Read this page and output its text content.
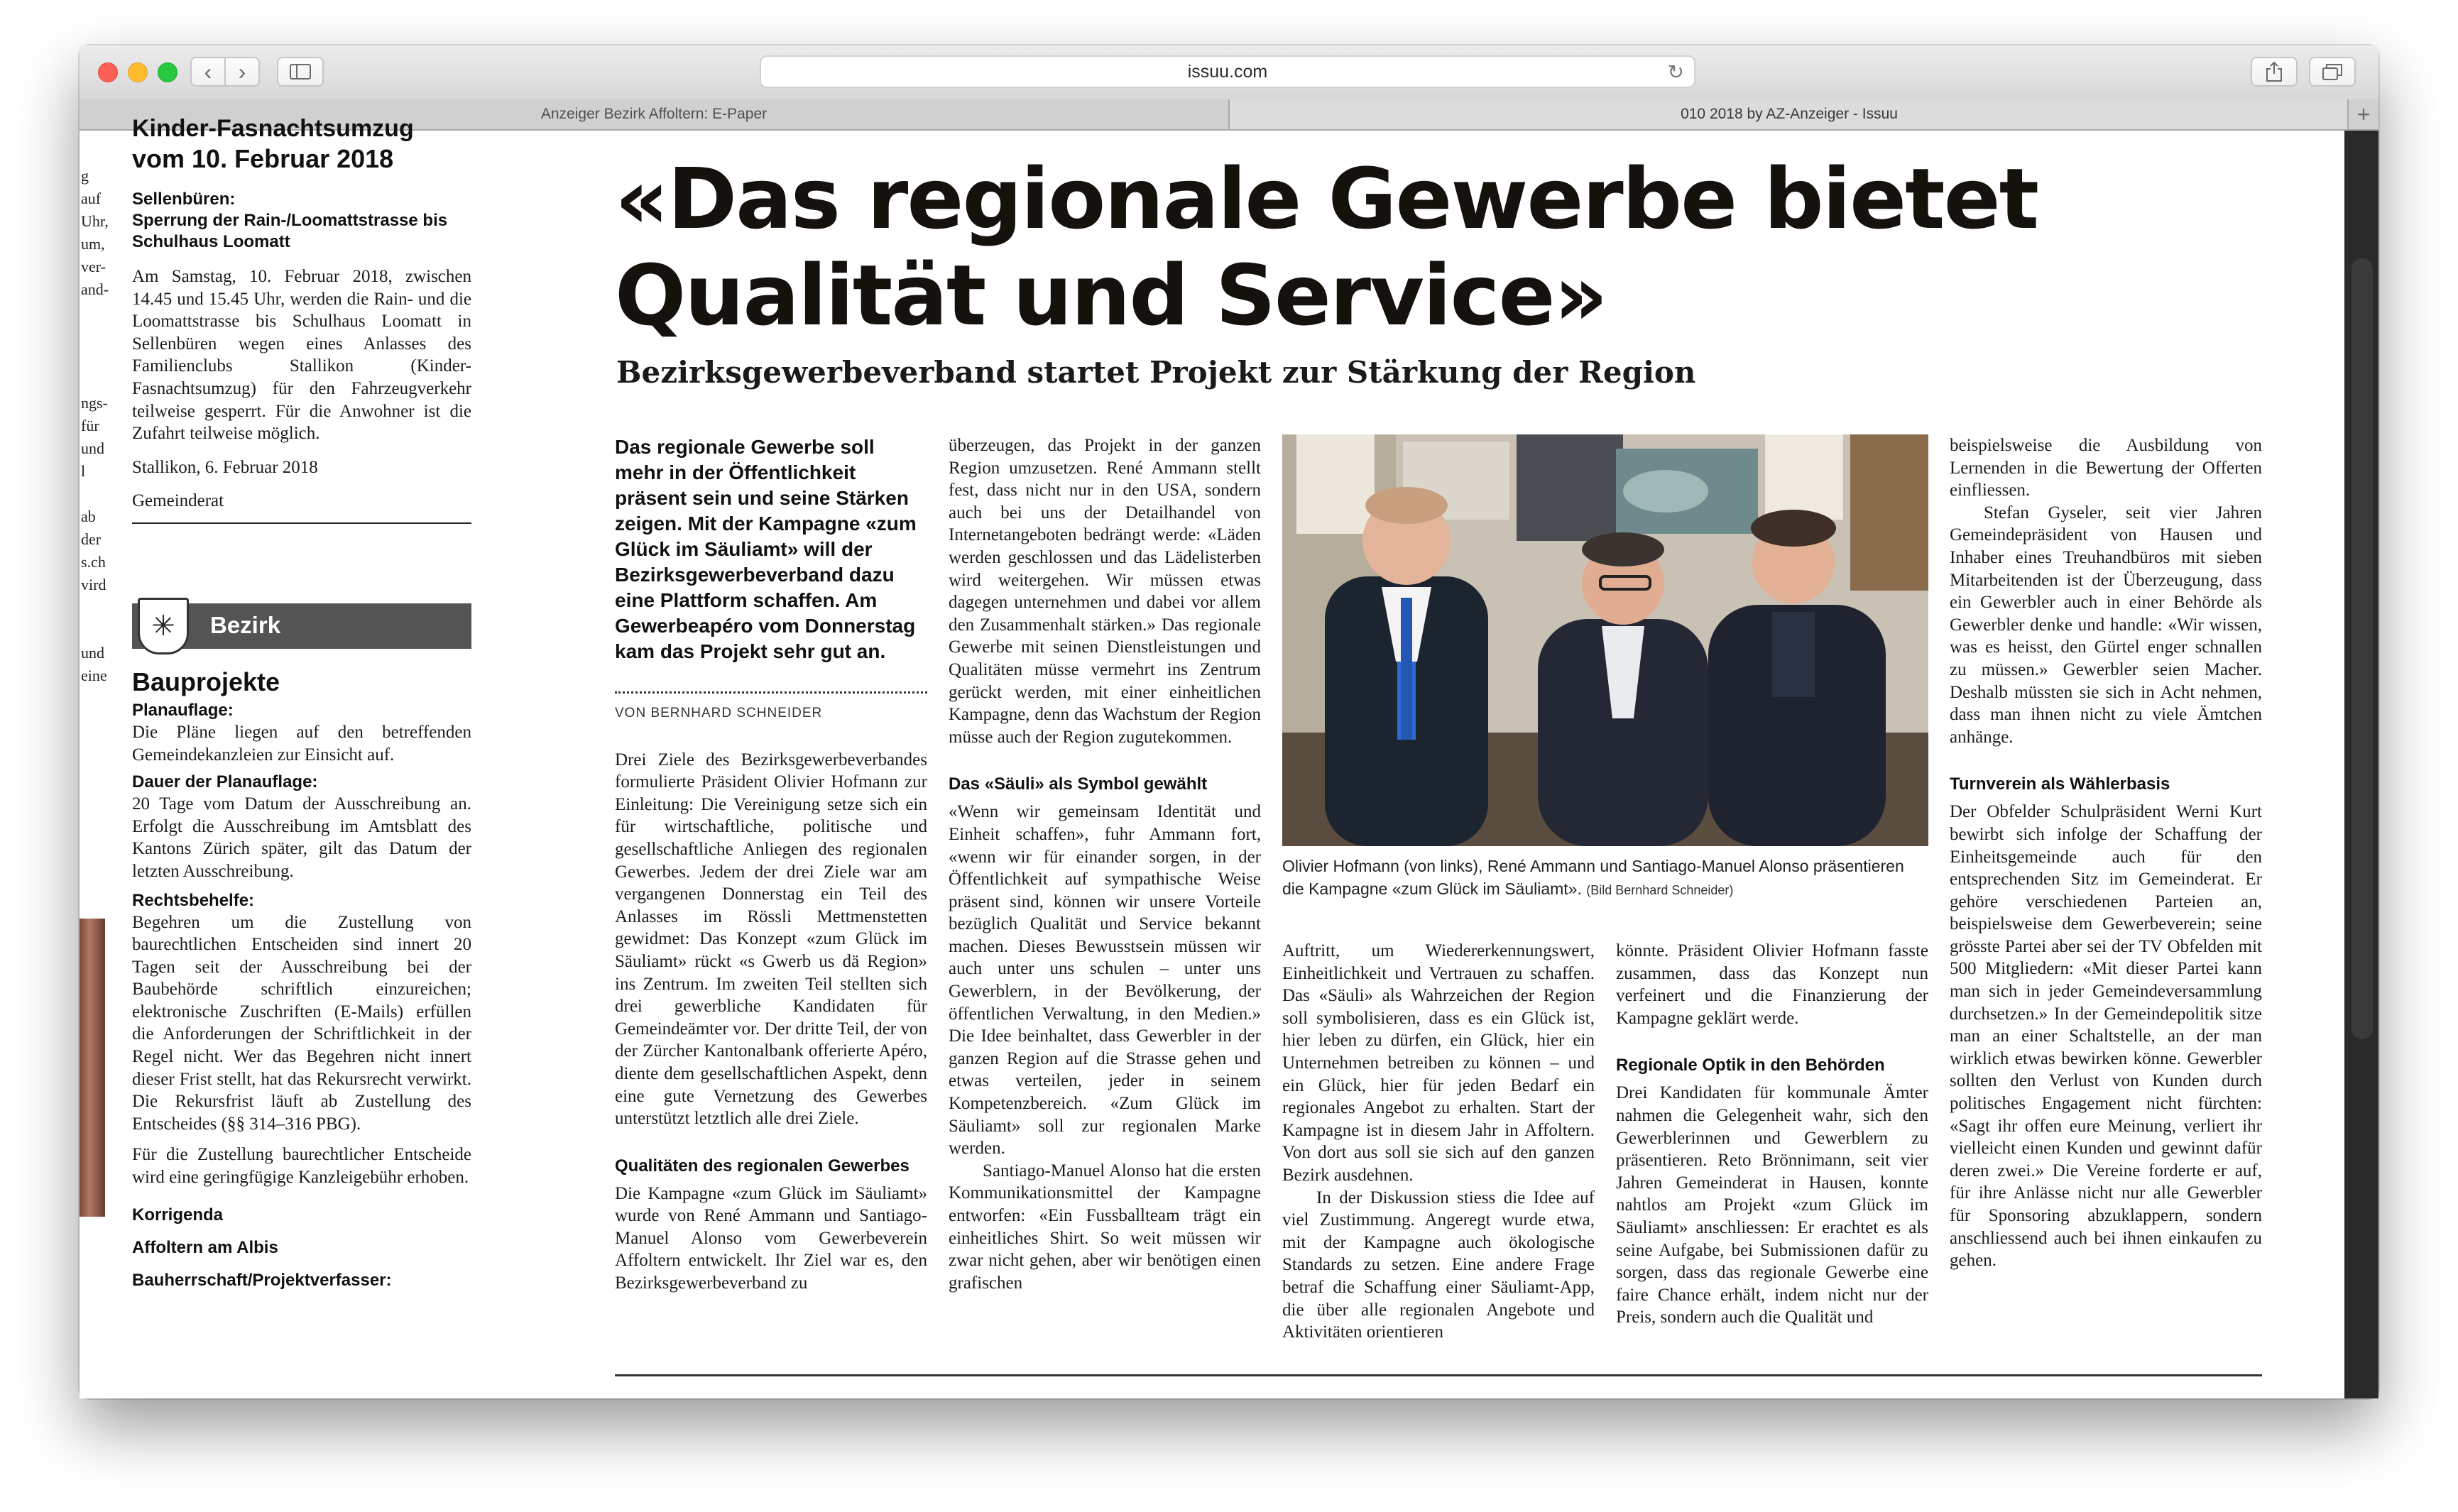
‹ ›	issuu.com	↻
Anzeiger Bezirk Affoltern: E-Paper	010 2018 by AZ-Anzeiger - Issuu	+
g
auf
Uhr,
um,
ver-
and-
ngs-
für
und
l
ab
der
s.ch
vird
und
eine
Kinder-Fasnachtsumzug
vom 10. Februar 2018
Sellenbüren:
Sperrung der Rain-/Loomattstrasse bis Schulhaus Loomatt

Am Samstag, 10. Februar 2018, zwischen 14.45 und 15.45 Uhr, werden die Rain- und die Loomattstrasse bis Schulhaus Loomatt in Sellenbüren wegen eines Anlasses des Familienclubs Stallikon (Kinder-Fasnachtsumzug) für den Fahrzeugverkehr teilweise gesperrt. Für die Anwohner ist die Zufahrt teilweise möglich.

Stallikon, 6. Februar 2018

Gemeinderat

✳	Bezirk
Bauprojekte
Planauflage:

Die Pläne liegen auf den betreffenden Gemeindekanzleien zur Einsicht auf.

Dauer der Planauflage:

20 Tage vom Datum der Ausschreibung an. Erfolgt die Ausschreibung im Amtsblatt des Kantons Zürich später, gilt das Datum der letzten Ausschreibung.

Rechtsbehelfe:

Begehren um die Zustellung von baurechtlichen Entscheiden sind innert 20 Tagen seit der Ausschreibung bei der Baubehörde schriftlich einzureichen; elektronische Zuschriften (E-Mails) erfüllen die Anforderungen der Schriftlichkeit in der Regel nicht. Wer das Begehren nicht innert dieser Frist stellt, hat das Rekursrecht verwirkt. Die Rekursfrist läuft ab Zustellung des Entscheides (§§ 314–316 PBG).

Für die Zustellung baurechtlicher Entscheide wird eine geringfügige Kanzleigebühr erhoben.

Korrigenda
Affoltern am Albis
Bauherrschaft/Projektverfasser:
«Das regionale Gewerbe bietet Qualität und Service»
Bezirksgewerbeverband startet Projekt zur Stärkung der Region

Das regionale Gewerbe soll mehr in der Öffentlichkeit präsent sein und seine Stärken zeigen. Mit der Kampagne «zum Glück im Säuliamt» will der Bezirksgewerbeverband dazu eine Plattform schaffen. Am Gewerbeapéro vom Donnerstag kam das Projekt sehr gut an.

VON BERNHARD SCHNEIDER

Drei Ziele des Bezirksgewerbeverbandes formulierte Präsident Olivier Hofmann zur Einleitung: Die Vereinigung setze sich ein für wirtschaftliche, politische und gesellschaftliche Anliegen des regionalen Gewerbes. Jedem der drei Ziele war am vergangenen Donnerstag ein Teil des Anlasses im Rössli Mettmenstetten gewidmet: Das Konzept «zum Glück im Säuliamt» rückt «s Gwerb us dä Region» ins Zentrum. Im zweiten Teil stellten sich drei gewerbliche Kandidaten für Gemeindeämter vor. Der dritte Teil, der von der Zürcher Kantonalbank offerierte Apéro, diente dem gesellschaftlichen Aspekt, denn eine gute Vernetzung des Gewerbes unterstützt letztlich alle drei Ziele.

Qualitäten des regionalen Gewerbes

Die Kampagne «zum Glück im Säuliamt» wurde von René Ammann und Santiago-Manuel Alonso vom Gewerbeverein Affoltern entwickelt. Ihr Ziel war es, den Bezirksgewerbeverband zu

überzeugen, das Projekt in der ganzen Region umzusetzen. René Ammann stellt fest, dass nicht nur in den USA, sondern auch bei uns der Detailhandel von Internetangeboten bedrängt werde: «Läden werden geschlossen und das Lädelisterben wird weitergehen. Wir müssen etwas dagegen unternehmen und dabei vor allem den Zusammenhalt stärken.» Das regionale Gewerbe mit seinen Dienstleistungen und Qualitäten müsse vermehrt ins Zentrum gerückt werden, mit einer einheitlichen Kampagne, denn das Wachstum der Region müsse auch der Region zugutekommen.

Das «Säuli» als Symbol gewählt

«Wenn wir gemeinsam Identität und Einheit schaffen», fuhr Ammann fort, «wenn wir für einander sorgen, in der Öffentlichkeit auf sympathische Weise präsent sind, können wir unsere Vorteile bezüglich Qualität und Service bekannt machen. Dieses Bewusstsein müssen wir auch unter uns schulen – unter uns Gewerblern, in der Bevölkerung, der öffentlichen Verwaltung, in den Medien.» Die Idee beinhaltet, dass Gewerbler in der ganzen Region auf die Strasse gehen und etwas verteilen, jeder in seinem Kompetenzbereich. «Zum Glück im Säuliamt» soll zur regionalen Marke werden.

Santiago-Manuel Alonso hat die ersten Kommunikationsmittel der Kampagne entworfen: «Ein Fussballteam trägt ein einheitliches Shirt. So weit müssen wir zwar nicht gehen, aber wir benötigen einen grafischen

Olivier Hofmann (von links), René Ammann und Santiago-Manuel Alonso präsentieren die Kampagne «zum Glück im Säuliamt». (Bild Bernhard Schneider)

Auftritt, um Wiedererkennungswert, Einheitlichkeit und Vertrauen zu schaffen. Das «Säuli» als Wahrzeichen der Region soll symbolisieren, dass es ein Glück ist, hier leben zu dürfen, ein Glück, hier ein Unternehmen betreiben zu können – und ein Glück, hier für jeden Bedarf ein regionales Angebot zu erhalten. Start der Kampagne ist in diesem Jahr in Affoltern. Von dort aus soll sie sich auf den ganzen Bezirk ausdehnen.

In der Diskussion stiess die Idee auf viel Zustimmung. Angeregt wurde etwa, mit der Kampagne auch ökologische Standards zu setzen. Eine andere Frage betraf die Schaffung einer Säuliamt-App, die über alle regionalen Angebote und Aktivitäten orientieren

könnte. Präsident Olivier Hofmann fasste zusammen, dass das Konzept nun verfeinert und die Finanzierung der Kampagne geklärt werde.

Regionale Optik in den Behörden

Drei Kandidaten für kommunale Ämter nahmen die Gelegenheit wahr, sich den Gewerblerinnen und Gewerblern zu präsentieren. Reto Brönnimann, seit vier Jahren Gemeinderat in Hausen, konnte nahtlos am Projekt «zum Glück im Säuliamt» anschliessen: Er erachtet es als seine Aufgabe, bei Submissionen dafür zu sorgen, dass das regionale Gewerbe eine faire Chance erhält, indem nicht nur der Preis, sondern auch die Qualität und

beispielsweise die Ausbildung von Lernenden in die Bewertung der Offerten einfliessen.

Stefan Gyseler, seit vier Jahren Gemeindepräsident von Hausen und Inhaber eines Treuhandbüros mit sieben Mitarbeitenden ist der Überzeugung, dass ein Gewerbler auch in einer Behörde als Gewerbler denke und handle: «Wir wissen, was es heisst, den Gürtel enger schnallen zu müssen.» Gewerbler seien Macher. Deshalb müssten sie sich in Acht nehmen, dass man ihnen nicht zu viele Ämtchen anhänge.

Turnverein als Wählerbasis

Der Obfelder Schulpräsident Werni Kurt bewirbt sich infolge der Schaffung der Einheitsgemeinde auch für den entsprechenden Sitz im Gemeinderat. Er gehöre verschiedenen Parteien an, beispielsweise dem Gewerbeverein; seine grösste Partei aber sei der TV Obfelden mit 500 Mitgliedern: «Mit dieser Partei kann man sich in jeder Gemeindeversammlung durchsetzen.» In der Gemeindepolitik sitze man an einer Schaltstelle, an der man wirklich etwas bewirken könne. Gewerbler sollten den Verlust von Kunden durch politisches Engagement nicht fürchten: «Sagt ihr offen eure Meinung, verliert ihr vielleicht einen Kunden und gewinnt dafür deren zwei.» Die Vereine forderte er auf, für ihre Anlässe nicht nur alle Gewerbler für Sponsoring abzuklappern, sondern anschliessend auch bei ihnen einkaufen zu gehen.
